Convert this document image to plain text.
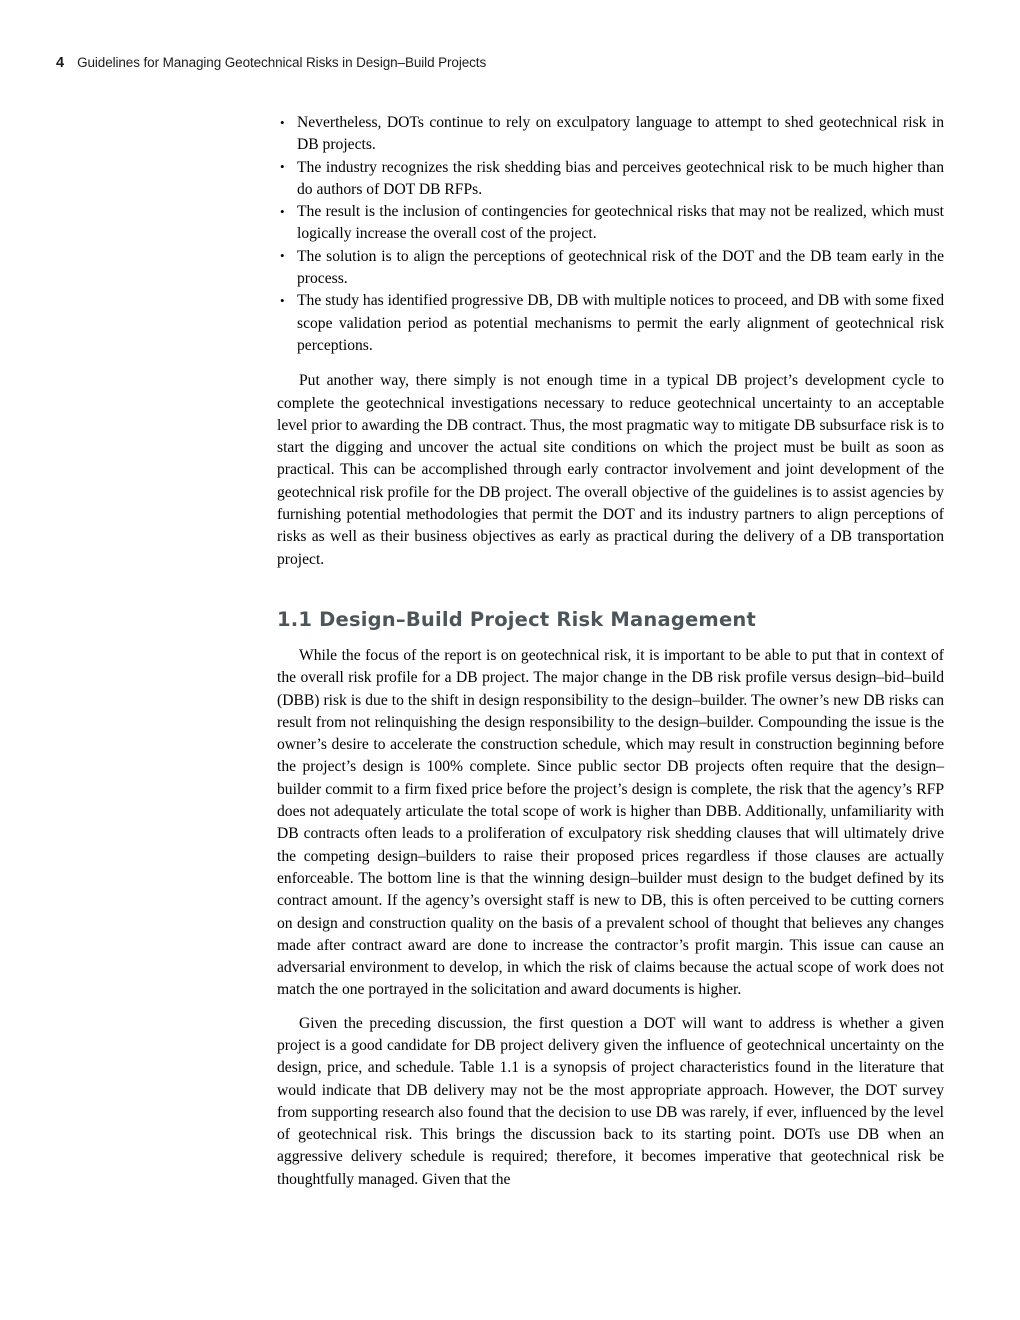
4 Guidelines for Managing Geotechnical Risks in Design–Build Projects
• Nevertheless, DOTs continue to rely on exculpatory language to attempt to shed geotechnical risk in DB projects.
• The industry recognizes the risk shedding bias and perceives geotechnical risk to be much higher than do authors of DOT DB RFPs.
• The result is the inclusion of contingencies for geotechnical risks that may not be realized, which must logically increase the overall cost of the project.
• The solution is to align the perceptions of geotechnical risk of the DOT and the DB team early in the process.
• The study has identified progressive DB, DB with multiple notices to proceed, and DB with some fixed scope validation period as potential mechanisms to permit the early alignment of geotechnical risk perceptions.

Put another way, there simply is not enough time in a typical DB project’s development cycle to complete the geotechnical investigations necessary to reduce geotechnical uncertainty to an acceptable level prior to awarding the DB contract. Thus, the most pragmatic way to mitigate DB subsurface risk is to start the digging and uncover the actual site conditions on which the project must be built as soon as practical. This can be accomplished through early contractor involvement and joint development of the geotechnical risk profile for the DB project. The overall objective of the guidelines is to assist agencies by furnishing potential methodologies that permit the DOT and its industry partners to align perceptions of risks as well as their business objectives as early as practical during the delivery of a DB transportation project.

1.1 Design–Build Project Risk Management

While the focus of the report is on geotechnical risk, it is important to be able to put that in context of the overall risk profile for a DB project. The major change in the DB risk profile versus design–bid–build (DBB) risk is due to the shift in design responsibility to the design–builder. The owner’s new DB risks can result from not relinquishing the design responsibility to the design–builder. Compounding the issue is the owner’s desire to accelerate the construction schedule, which may result in construction beginning before the project’s design is 100% complete. Since public sector DB projects often require that the design–builder commit to a firm fixed price before the project’s design is complete, the risk that the agency’s RFP does not adequately articulate the total scope of work is higher than DBB. Additionally, unfamiliarity with DB contracts often leads to a proliferation of exculpatory risk shedding clauses that will ultimately drive the competing design–builders to raise their proposed prices regardless if those clauses are actually enforceable. The bottom line is that the winning design–builder must design to the budget defined by its contract amount. If the agency’s oversight staff is new to DB, this is often perceived to be cutting corners on design and construction quality on the basis of a prevalent school of thought that believes any changes made after contract award are done to increase the contractor’s profit margin. This issue can cause an adversarial environment to develop, in which the risk of claims because the actual scope of work does not match the one portrayed in the solicitation and award documents is higher.

Given the preceding discussion, the first question a DOT will want to address is whether a given project is a good candidate for DB project delivery given the influence of geotechnical uncertainty on the design, price, and schedule. Table 1.1 is a synopsis of project characteristics found in the literature that would indicate that DB delivery may not be the most appropriate approach. However, the DOT survey from supporting research also found that the decision to use DB was rarely, if ever, influenced by the level of geotechnical risk. This brings the discussion back to its starting point. DOTs use DB when an aggressive delivery schedule is required; therefore, it becomes imperative that geotechnical risk be thoughtfully managed. Given that the
